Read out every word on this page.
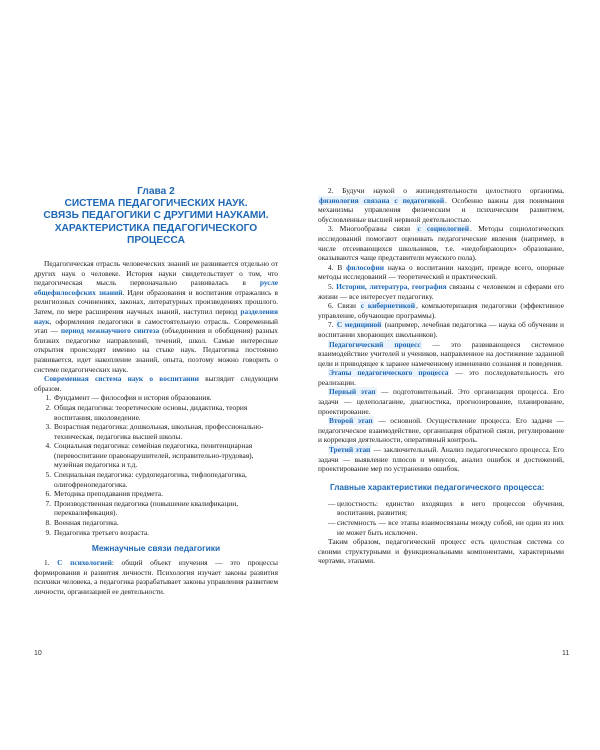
Глава 2

СИСТЕМА ПЕДАГОГИЧЕСКИХ НАУК.

СВЯЗЬ ПЕДАГОГИКИ С ДРУГИМИ НАУКАМИ.

ХАРАКТЕРИСТИКА ПЕДАГОГИЧЕСКОГО

ПРОЦЕССА

Педагогическая отрасль человеческих знаний не развивается отдельно от других наук о человеке. История науки свидетельствует о том, что педагогическая мысль первоначально развивалась в русле общефилософских знаний. Идеи образования и воспитания отражались в религиозных сочинениях, законах, литературных произведениях прошлого. Затем, по мере расширения научных знаний, наступил период разделения наук, оформления педагогики в самостоятельную отрасль. Современный этап — период межнаучного синтеза (объединения и обобщения) разных близких педагогике направлений, течений, школ. Самые интересные открытия происходят именно на стыке наук. Педагогика постоянно развивается, идет накопление знаний, опыта, поэтому можно говорить о системе педагогических наук.

Современная система наук о воспитании выглядит следующим образом.

1. Фундамент — философия и история образования.
2. Общая педагогика: теоретические основы, дидактика, теория воспитания, школоведение.
3. Возрастная педагогика: дошкольная, школьная, профессионально-техническая, педагогика высшей школы.
4. Социальная педагогика: семейная педагогика, пенитенциарная (перевоспитание правонарушителей, исправительно-трудовая), музейная педагогика и т.д.
5. Специальная педагогика: сурдопедагогика, тифлопедагогика, олигофренопедагогика.
6. Методика преподавания предмета.
7. Производственная педагогика (повышение квалификации, переквалификация).
8. Военная педагогика.
9. Педагогика третьего возраста.

Межнаучные связи педагогики

1. С психологией: общий объект изучения — это процессы формирования и развития личности. Психология изучает законы развития психики человека, а педагогика разрабатывает законы управления развитием личности, организацией ее деятельности.

10

2. Будучи наукой о жизнедеятельности целостного организма, физиология связана с педагогикой. Особенно важны для понимания механизмы управления физическим и психическим развитием, обусловленные высшей нервной деятельностью.

3. Многообразны связи с социологией. Методы социологических исследований помогают оценивать педагогические явления (например, в числе отсеивающихся школьников, т.е. «недобирающих» образование, оказываются чаще представители мужского пола).

4. В философии наука о воспитании находит, прежде всего, опорные методы исследований — теоретический и практический.

5. Истории, литература, география связаны с человеком и сферами его жизни — все интересует педагогику.

6. Связи с кибернетикой, компьютеризация педагогики (эффективное управление, обучающие программы).

7. С медициной (например, лечебная педагогика — наука об обучении и воспитании хворающих школьников).

Педагогический процесс — это развивающееся системное взаимодействие учителей и учеников, направленное на достижение заданной цели и приводящее к заранее намеченному изменению сознания и поведения.

Этапы педагогического процесса — это последовательность его реализации.

Первый этап — подготовительный. Это организация процесса. Его задачи — целеполагание, диагностика, прогнозирование, планирование, проектирование.

Второй этап — основной. Осуществление процесса. Его задачи — педагогическое взаимодействие, организация обратной связи, регулирование и коррекция деятельности, оперативный контроль.

Третий этап — заключительный. Анализ педагогического процесса. Его задачи — выявление плюсов и минусов, анализ ошибок и достижений, проектирование мер по устранению ошибок.

Главные характеристики педагогического процесса:

— целостность: единство входящих в него процессов обучения, воспитания, развития;
— системность — все этапы взаимосвязаны между собой, ни один из них не может быть исключен.

Таким образом, педагогический процесс есть целостная система со своими структурными и функциональными компонентами, характерными чертами, этапами.

11
